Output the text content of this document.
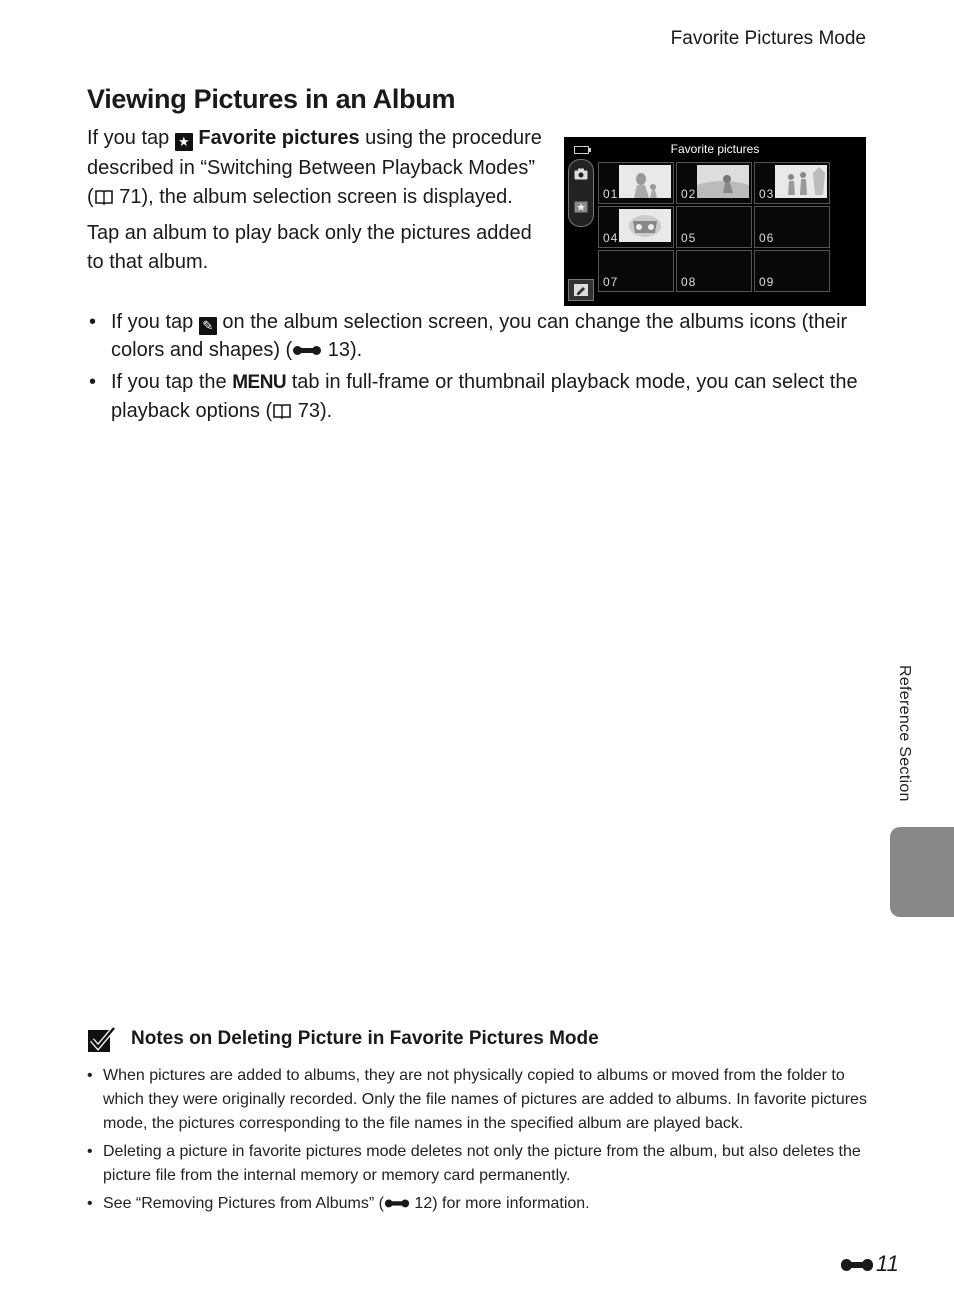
Favorite Pictures Mode
Viewing Pictures in an Album

If you tap ★ Favorite pictures using the procedure described in “Switching Between Playback Modes” ( 71), the album selection screen is displayed.

Tap an album to play back only the pictures added to that album.

• If you tap ✎ on the album selection screen, you can change the albums icons (their colors and shapes) ( 13).
• If you tap the MENU tab in full-frame or thumbnail playback mode, you can select the playback options ( 73).
Favorite pictures
01	02	03
04	05	06
07	08	09
Reference Section
Notes on Deleting Picture in Favorite Pictures Mode
• When pictures are added to albums, they are not physically copied to albums or moved from the folder to which they were originally recorded. Only the file names of pictures are added to albums. In favorite pictures mode, the pictures corresponding to the file names in the specified album are played back.
• Deleting a picture in favorite pictures mode deletes not only the picture from the album, but also deletes the picture file from the internal memory or memory card permanently.
• See “Removing Pictures from Albums” ( 12) for more information.
11
